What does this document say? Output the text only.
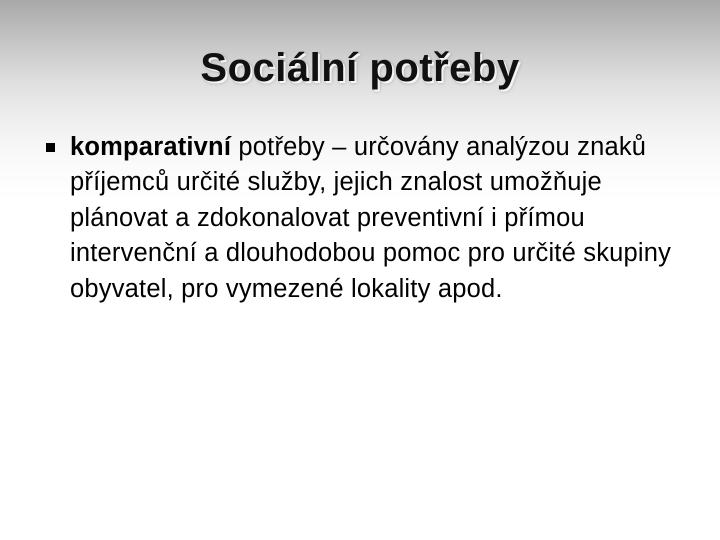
Sociální potřeby
komparativní potřeby – určovány analýzou znaků příjemců určité služby, jejich znalost umožňuje plánovat a zdokonalovat preventivní i přímou intervenční a dlouhodobou pomoc pro určité skupiny obyvatel, pro vymezené lokality apod.
